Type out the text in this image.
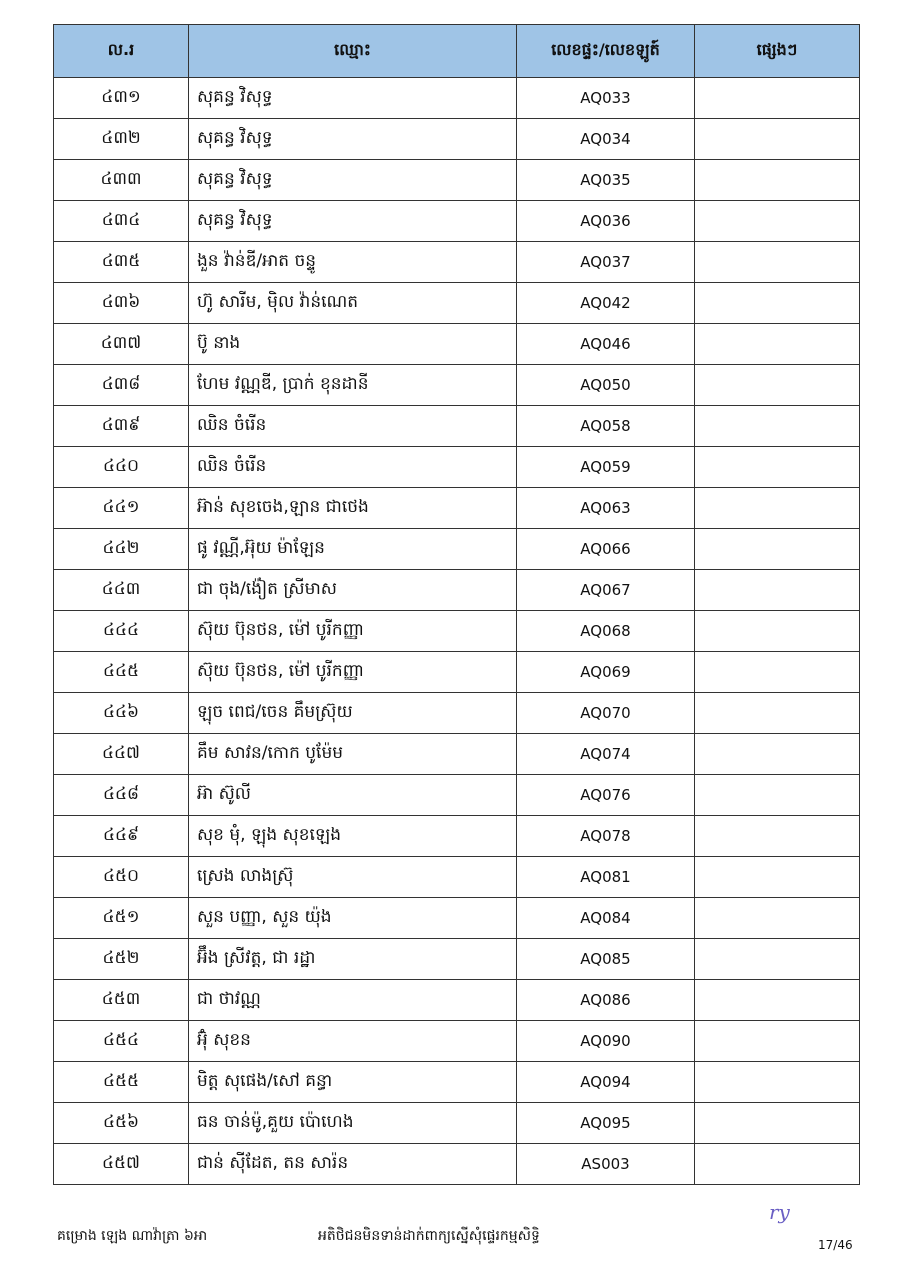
ល.រ	ឈ្មោះ	លេខផ្ទះ/លេខឡូត៍	ផ្សេងៗ
៤៣១	សុគន្ធ វិសុទ្ធ	AQ033	
៤៣២	សុគន្ធ វិសុទ្ធ	AQ034	
៤៣៣	សុគន្ធ វិសុទ្ធ	AQ035	
៤៣៤	សុគន្ធ វិសុទ្ធ	AQ036	
៤៣៥	ងួន វ៉ាន់ឌី/អាត ចន្ទូ	AQ037	
៤៣៦	ហ៊ូ សារីម, ម៉ិល វ៉ាន់ណេត	AQ042	
៤៣៧	ប៊ូ នាង	AQ046	
៤៣៨	ហែម វណ្ណឌី, ប្រាក់ ខុនដានី	AQ050	
៤៣៩	ឈិន ចំរើន	AQ058	
៤៤០	ឈិន ចំរើន	AQ059	
៤៤១	អ៊ាន់ សុខចេង,ឡាន ជាថេង	AQ063	
៤៤២	ផូ វណ្ណី,អ៊ុយ ម៉ាឡែន	AQ066	
៤៤៣	ជា ចុង/ង៉ៀត ស្រីមាស	AQ067	
៤៤៤	ស៊ុយ ប៊ុនថន, ម៉ៅ បូរីកញ្ញា	AQ068	
៤៤៥	ស៊ុយ ប៊ុនថន, ម៉ៅ បូរីកញ្ញា	AQ069	
៤៤៦	ឡុច ពេជ/ចេន គឹមស្រ៊ុយ	AQ070	
៤៤៧	គឹម សាវន/កោក បូម៉ែម	AQ074	
៤៤៨	អ៊ា ស៊ូលី	AQ076	
៤៤៩	សុខ មុំ, ឡុង សុខឡេង	AQ078	
៤៥០	ស្រេង លាងស្រ៊ុ	AQ081	
៤៥១	សួន បញ្ញា, សួន យ៉ុង	AQ084	
៤៥២	អ៊ឹង ស្រីវត្ត, ជា រដ្ឋា	AQ085	
៤៥៣	ជា ថាវណ្ណ	AQ086	
៤៥៤	អ៊ុំ សុខន	AQ090	
៤៥៥	មិត្ត សុផេង/សៅ គន្ធា	AQ094	
៤៥៦	ធន ចាន់ម៉ូ,គួយ ប៉ោហេង	AQ095	
៤៥៧	ជាន់ ស៊ីដែត, តន សារ៉ន	AS003	
គម្រោង ឡេង ណាវ៉ាត្រា ៦អា	អតិថិជនមិនទាន់ដាក់ពាក្យស្នើសុំផ្ទេរកម្មសិទ្ធិ
ry
17/46
